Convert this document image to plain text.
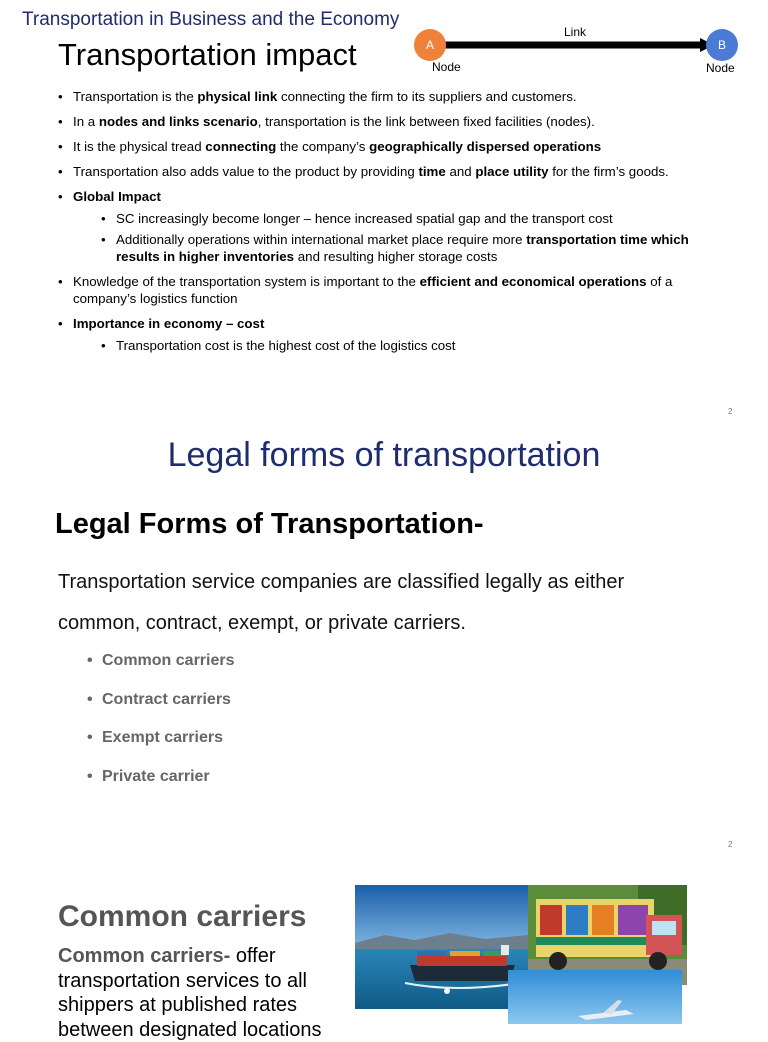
Transportation in Business and the Economy
Transportation impact	A	B
Link
Node	Node
• Transportation is the physical link connecting the firm to its suppliers and customers.
• In a nodes and links scenario, transportation is the link between fixed facilities (nodes).
• It is the physical tread connecting the company’s geographically dispersed operations
• Transportation also adds value to the product by providing time and place utility for the firm’s goods.
• Global Impact
• SC increasingly become longer – hence increased spatial gap and the transport cost
• Additionally operations within international market place require more transportation time which results in higher inventories and resulting higher storage costs
• Knowledge of the transportation system is important to the efficient and economical operations of a company’s logistics function
• Importance in economy – cost
• Transportation cost is the highest cost of the logistics cost
2
Legal forms of transportation
Legal Forms of Transportation-
Transportation service companies are classified legally as either common, contract, exempt, or private carriers.
• Common carriers
• Contract carriers
• Exempt carriers
• Private carrier
2
Common carriers
Common carriers- offer transportation services to all shippers at published rates between designated locations
